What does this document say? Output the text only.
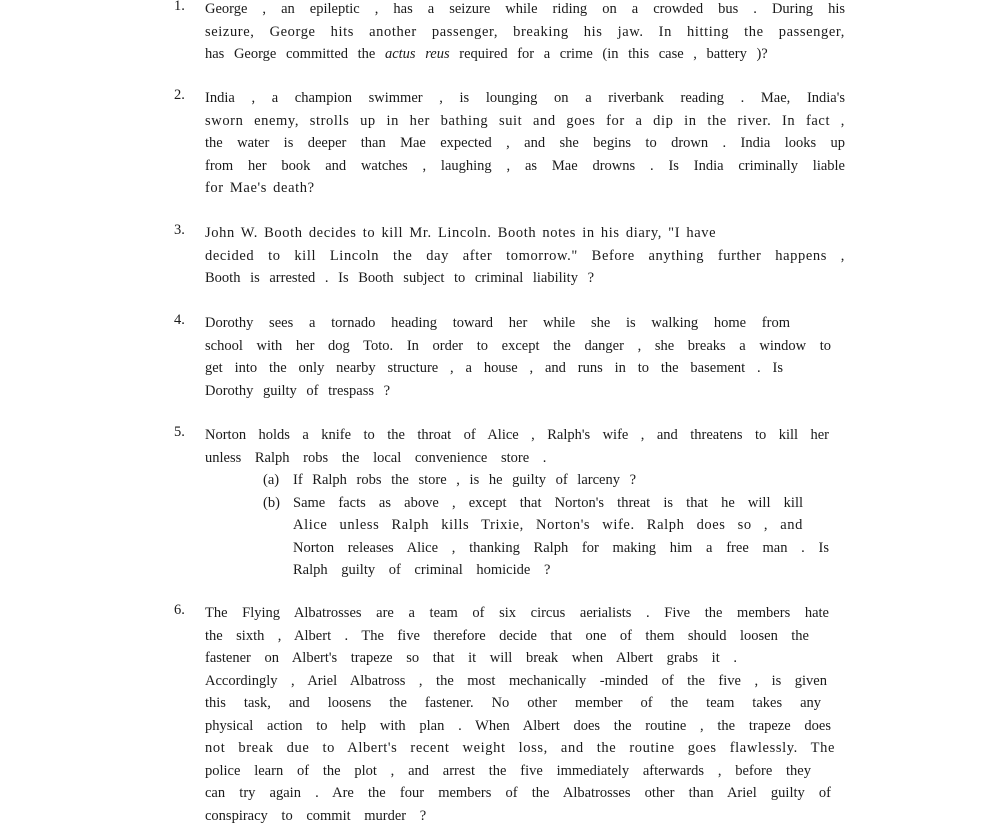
1.	George , an epileptic , has a seizure while riding on a crowded bus . During his
seizure, George hits another passenger, breaking his jaw. In hitting the passenger,
has George committed the actus reus required for a crime (in this case , battery )?
2.	India , a champion swimmer , is lounging on a riverbank reading . Mae, India's
sworn enemy, strolls up in her bathing suit and goes for a dip in the river. In fact ,
the water is deeper than Mae expected , and she begins to drown . India looks up
from her book and watches , laughing , as Mae drowns . Is India criminally liable
for Mae's death?
3.	John W. Booth decides to kill Mr. Lincoln. Booth notes in his diary, "I have
decided to kill Lincoln the day after tomorrow." Before anything further happens ,
Booth is arrested . Is Booth subject to criminal liability ?
4.	Dorothy sees a tornado heading toward her while she is walking home from
school with her dog Toto. In order to except the danger , she breaks a window to
get into the only nearby structure , a house , and runs in to the basement . Is
Dorothy guilty of trespass ?
5.	Norton holds a knife to the throat of Alice , Ralph's wife , and threatens to kill her
unless Ralph robs the local convenience store .
(a) If Ralph robs the store , is he guilty of larceny ?
(b) Same facts as above , except that Norton's threat is that he will kill
Alice unless Ralph kills Trixie, Norton's wife. Ralph does so , and
Norton releases Alice , thanking Ralph for making him a free man . Is
Ralph guilty of criminal homicide ?
6.	The Flying Albatrosses are a team of six circus aerialists . Five the members hate
the sixth , Albert . The five therefore decide that one of them should loosen the
fastener on Albert's trapeze so that it will break when Albert grabs it .
Accordingly , Ariel Albatross , the most mechanically -minded of the five , is given
this task, and loosens the fastener. No other member of the team takes any
physical action to help with plan . When Albert does the routine , the trapeze does
not break due to Albert's recent weight loss, and the routine goes flawlessly. The
police learn of the plot , and arrest the five immediately afterwards , before they
can try again . Are the four members of the Albatrosses other than Ariel guilty of
conspiracy to commit murder ?
